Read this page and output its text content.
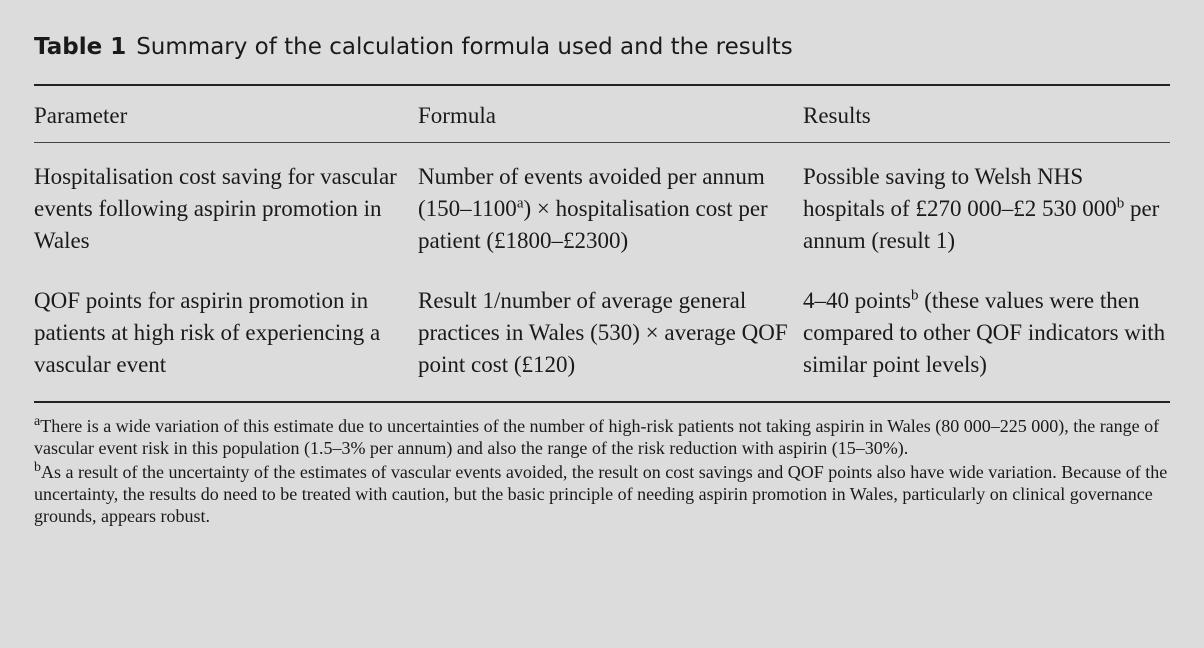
Table 1 Summary of the calculation formula used and the results
Parameter	Formula	Results
Hospitalisation cost saving for vascular events following aspirin promotion in Wales	Number of events avoided per annum $(150-1100^a)$ × hospitalisation cost per patient (£1800–£2300)	Possible saving to Welsh NHS hospitals of £270 000–£2 530 000$^b$ per annum (result 1)
QOF points for aspirin promotion in patients at high risk of experiencing a vascular event	Result 1/number of average general practices in Wales (530) × average QOF point cost (£120)	4–40 points$^b$ (these values were then compared to other QOF indicators with similar point levels)

$^a$There is a wide variation of this estimate due to uncertainties of the number of high-risk patients not taking aspirin in Wales (80 000–225 000), the range of vascular event risk in this population (1.5–3% per annum) and also the range of the risk reduction with aspirin (15–30%).

$^b$As a result of the uncertainty of the estimates of vascular events avoided, the result on cost savings and QOF points also have wide variation. Because of the uncertainty, the results do need to be treated with caution, but the basic principle of needing aspirin promotion in Wales, particularly on clinical governance grounds, appears robust.
